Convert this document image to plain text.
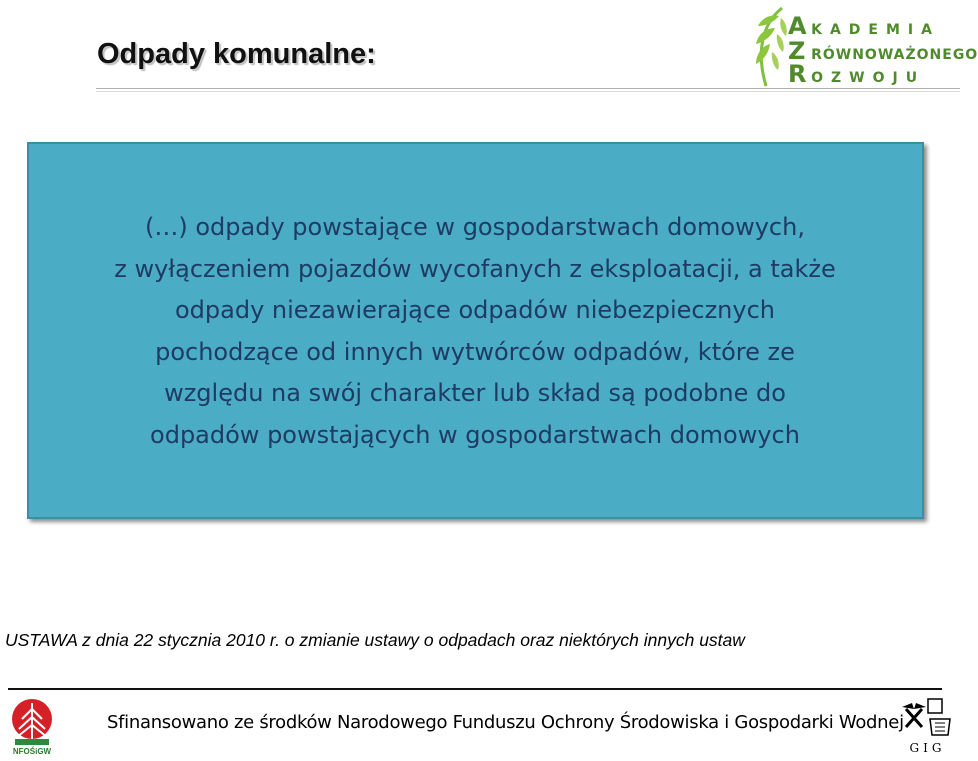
Odpady komunalne:
A KADEMIA
Z RÓWNOWAŻONEGO
R OZWOJU
(…) odpady powstające w gospodarstwach domowych,
z wyłączeniem pojazdów wycofanych z eksploatacji, a także
odpady niezawierające odpadów niebezpiecznych
pochodzące od innych wytwórców odpadów, które ze
względu na swój charakter lub skład są podobne do
odpadów powstających w gospodarstwach domowych
USTAWA z dnia 22 stycznia 2010 r. o zmianie ustawy o odpadach oraz niektórych innych ustaw
NFOŚiGW
Sfinansowano ze środków Narodowego Funduszu Ochrony Środowiska i Gospodarki Wodnej
GIG
